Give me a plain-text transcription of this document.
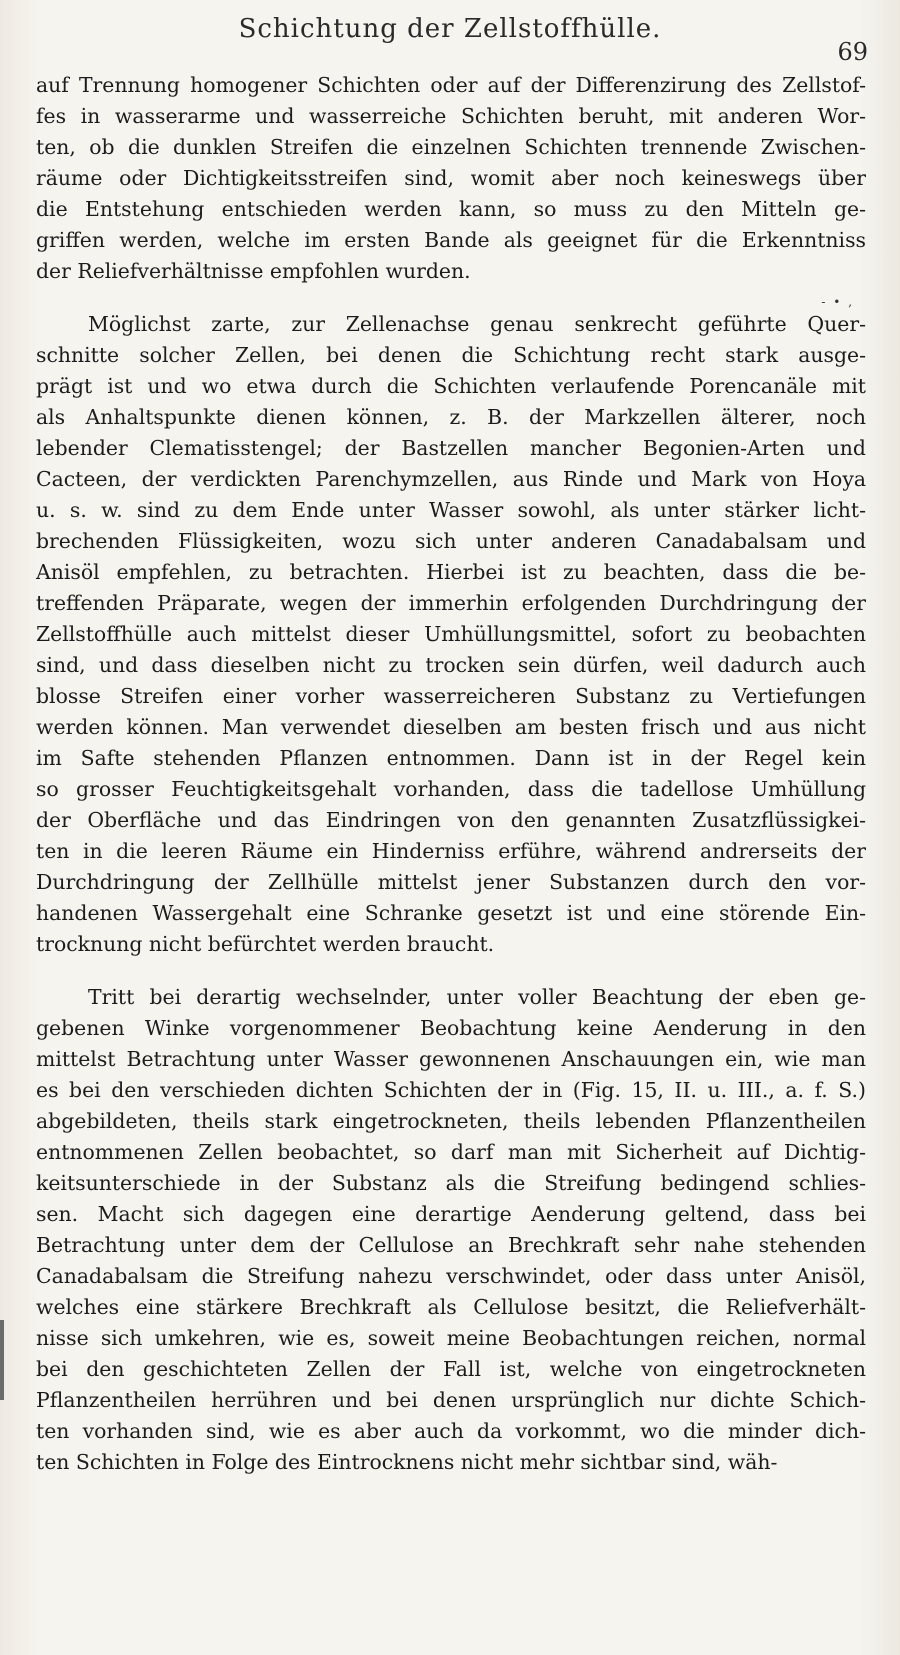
Schichtung der Zellstoffhülle.
69
‐ • ‚
auf Trennung homogener Schichten oder auf der Differenzirung des Zellstof-
fes in wasserarme und wasserreiche Schichten beruht, mit anderen Wor-
ten, ob die dunklen Streifen die einzelnen Schichten trennende Zwischen-
räume oder Dichtigkeitsstreifen sind, womit aber noch keineswegs über
die Entstehung entschieden werden kann, so muss zu den Mitteln ge-
griffen werden, welche im ersten Bande als geeignet für die Erkenntniss
der Reliefverhältnisse empfohlen wurden.
Möglichst zarte, zur Zellenachse genau senkrecht geführte Quer-
schnitte solcher Zellen, bei denen die Schichtung recht stark ausge-
prägt ist und wo etwa durch die Schichten verlaufende Porencanäle mit
als Anhaltspunkte dienen können, z. B. der Markzellen älterer, noch
lebender Clematisstengel; der Bastzellen mancher Begonien-Arten und
Cacteen, der verdickten Parenchymzellen, aus Rinde und Mark von Hoya
u. s. w. sind zu dem Ende unter Wasser sowohl, als unter stärker licht-
brechenden Flüssigkeiten, wozu sich unter anderen Canadabalsam und
Anisöl empfehlen, zu betrachten. Hierbei ist zu beachten, dass die be-
treffenden Präparate, wegen der immerhin erfolgenden Durchdringung der
Zellstoffhülle auch mittelst dieser Umhüllungsmittel, sofort zu beobachten
sind, und dass dieselben nicht zu trocken sein dürfen, weil dadurch auch
blosse Streifen einer vorher wasserreicheren Substanz zu Vertiefungen
werden können. Man verwendet dieselben am besten frisch und aus nicht
im Safte stehenden Pflanzen entnommen. Dann ist in der Regel kein
so grosser Feuchtigkeitsgehalt vorhanden, dass die tadellose Umhüllung
der Oberfläche und das Eindringen von den genannten Zusatzflüssigkei-
ten in die leeren Räume ein Hinderniss erführe, während andrerseits der
Durchdringung der Zellhülle mittelst jener Substanzen durch den vor-
handenen Wassergehalt eine Schranke gesetzt ist und eine störende Ein-
trocknung nicht befürchtet werden braucht.
Tritt bei derartig wechselnder, unter voller Beachtung der eben ge-
gebenen Winke vorgenommener Beobachtung keine Aenderung in den
mittelst Betrachtung unter Wasser gewonnenen Anschauungen ein, wie man
es bei den verschieden dichten Schichten der in (Fig. 15, II. u. III., a. f. S.)
abgebildeten, theils stark eingetrockneten, theils lebenden Pflanzentheilen
entnommenen Zellen beobachtet, so darf man mit Sicherheit auf Dichtig-
keitsunterschiede in der Substanz als die Streifung bedingend schlies-
sen. Macht sich dagegen eine derartige Aenderung geltend, dass bei
Betrachtung unter dem der Cellulose an Brechkraft sehr nahe stehenden
Canadabalsam die Streifung nahezu verschwindet, oder dass unter Anisöl,
welches eine stärkere Brechkraft als Cellulose besitzt, die Reliefverhält-
nisse sich umkehren, wie es, soweit meine Beobachtungen reichen, normal
bei den geschichteten Zellen der Fall ist, welche von eingetrockneten
Pflanzentheilen herrühren und bei denen ursprünglich nur dichte Schich-
ten vorhanden sind, wie es aber auch da vorkommt, wo die minder dich-
ten Schichten in Folge des Eintrocknens nicht mehr sichtbar sind, wäh-
